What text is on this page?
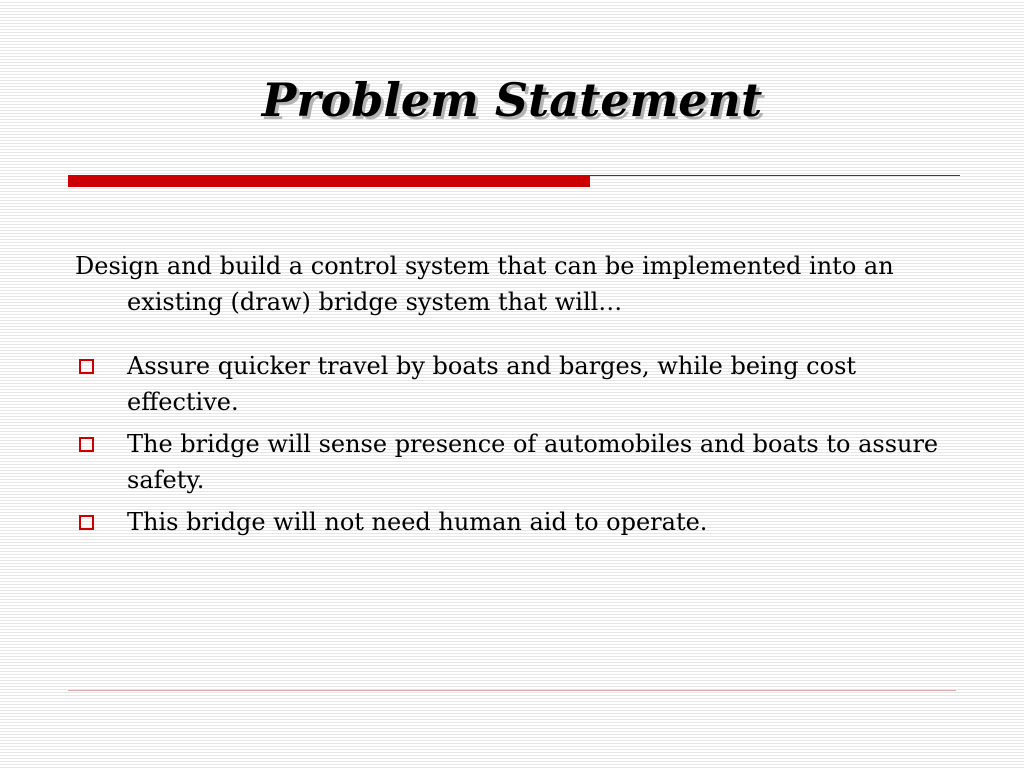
Problem Statement

Design and build a control system that can be implemented into an existing (draw) bridge system that will…

Assure quicker travel by boats and barges, while being cost effective.
The bridge will sense presence of automobiles and boats to assure safety.
This bridge will not need human aid to operate.
